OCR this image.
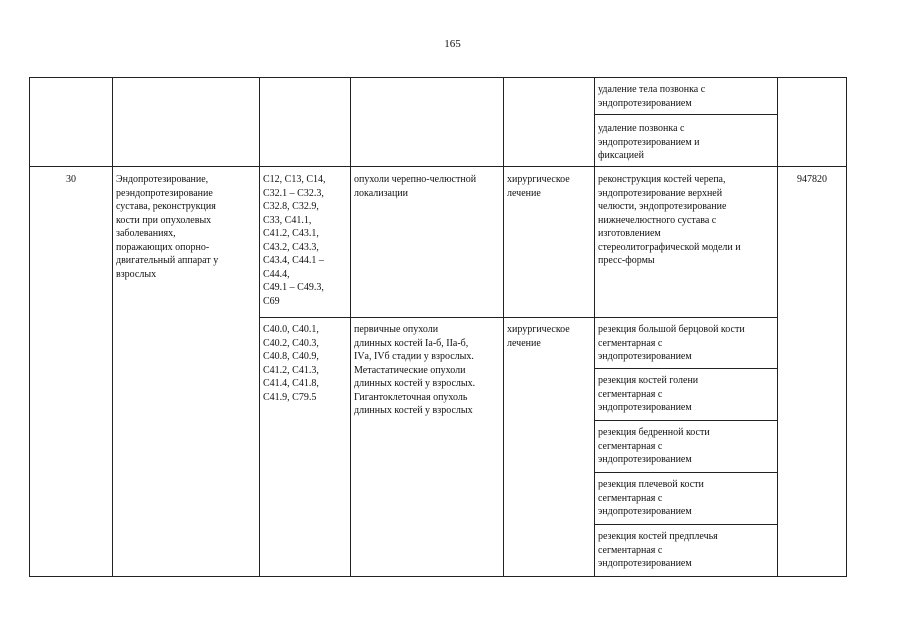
165
удаление тела позвонка с
эндопротезированием
удаление позвонка с
эндопротезированием и
фиксацией
30	Эндопротезирование,
реэндопротезирование
сустава, реконструкция
кости при опухолевых
заболеваниях,
поражающих опорно-
двигательный аппарат у
взрослых
947820
C12, C13, C14,
C32.1 – C32.3,
C32.8, C32.9,
C33, C41.1,
C41.2, C43.1,
C43.2, C43.3,
C43.4, C44.1 –
C44.4,
C49.1 – C49.3,
C69
опухоли черепно-челюстной
локализации
хирургическое
лечение
реконструкция костей черепа,
эндопротезирование верхней
челюсти, эндопротезирование
нижнечелюстного сустава с
изготовлением
стереолитографической модели и
пресс-формы
C40.0, C40.1,
C40.2, C40.3,
C40.8, C40.9,
C41.2, C41.3,
C41.4, C41.8,
C41.9, C79.5
первичные опухоли
длинных костей Iа-б, IIа-б,
IVа, IVб стадии у взрослых.
Метастатические опухоли
длинных костей у взрослых.
Гигантоклеточная опухоль
длинных костей у взрослых
хирургическое
лечение
резекция большой берцовой кости
сегментарная с
эндопротезированием
резекция костей голени
сегментарная с
эндопротезированием
резекция бедренной кости
сегментарная с
эндопротезированием
резекция плечевой кости
сегментарная с
эндопротезированием
резекция костей предплечья
сегментарная с
эндопротезированием
